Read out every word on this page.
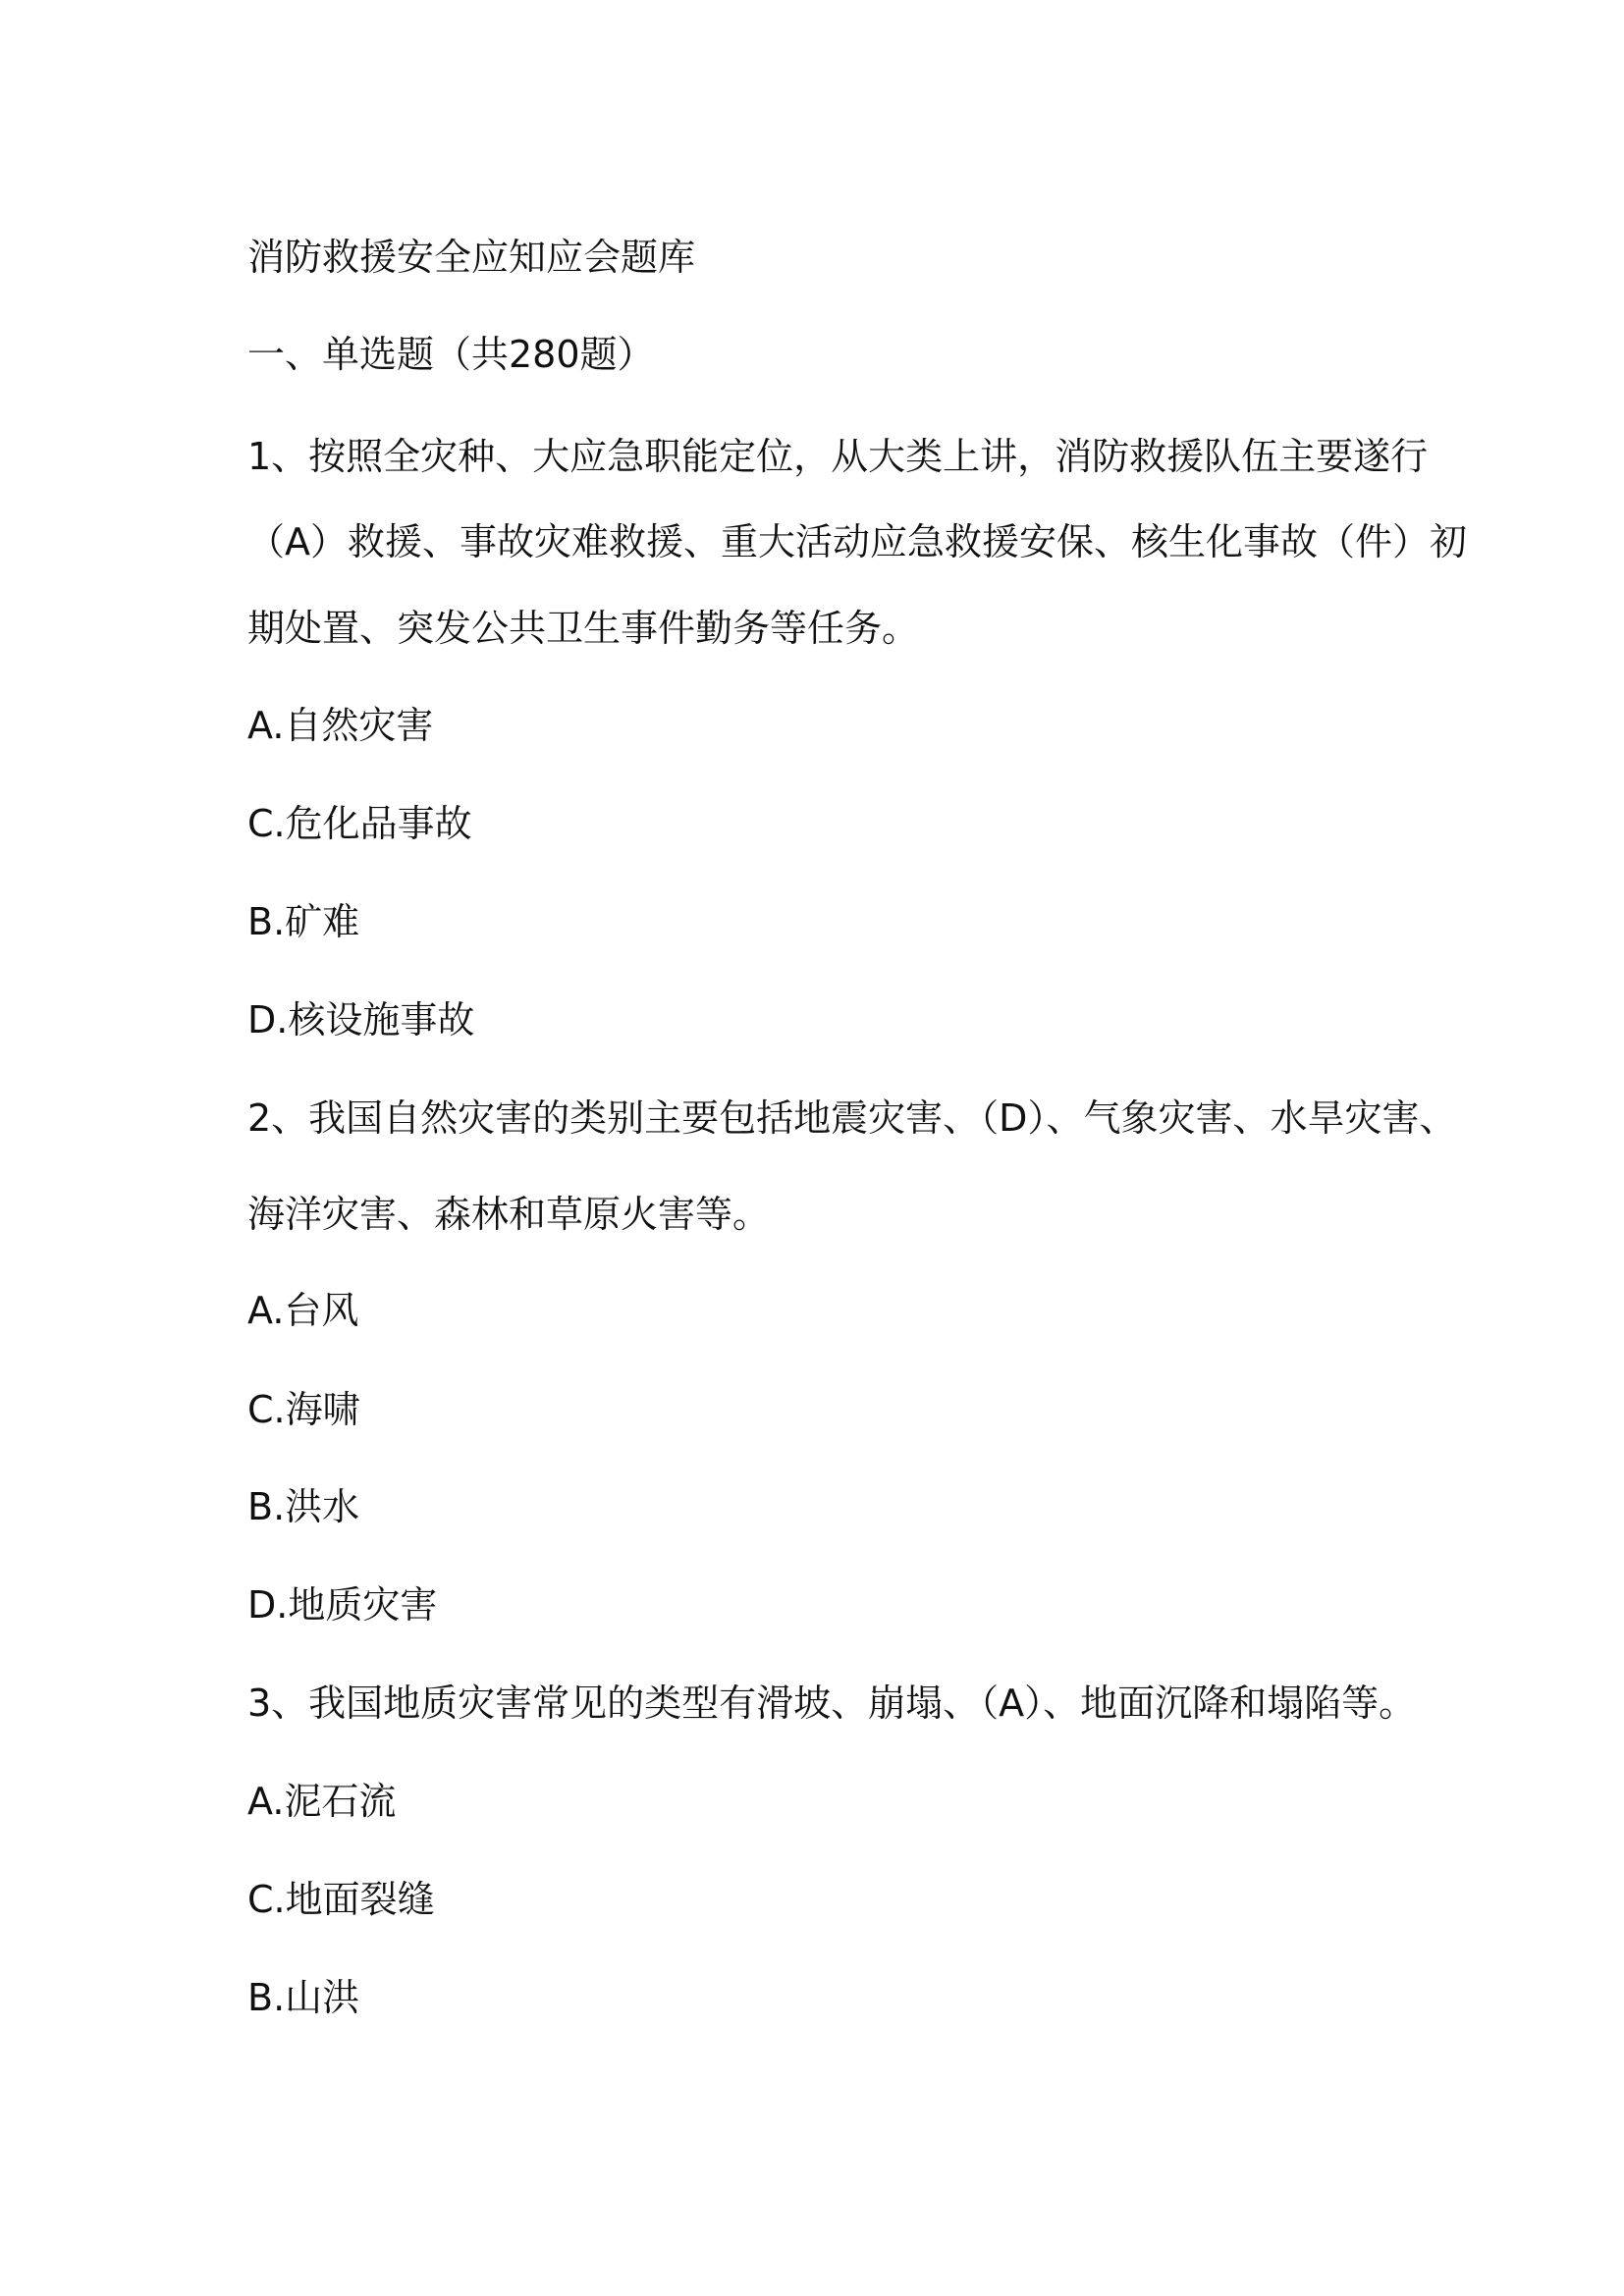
消防救援安全应知应会题库
一、单选题（共280题）
1、按照全灾种、大应急职能定位，从大类上讲，消防救援队伍主要遂行
（A）救援、事故灾难救援、重大活动应急救援安保、核生化事故（件）初
期处置、突发公共卫生事件勤务等任务。
A.自然灾害
C.危化品事故
B.矿难
D.核设施事故
2、我国自然灾害的类别主要包括地震灾害、（D）、气象灾害、水旱灾害、
海洋灾害、森林和草原火害等。
A.台风
C.海啸
B.洪水
D.地质灾害
3、我国地质灾害常见的类型有滑坡、崩塌、（A）、地面沉降和塌陷等。
A.泥石流
C.地面裂缝
B.山洪
